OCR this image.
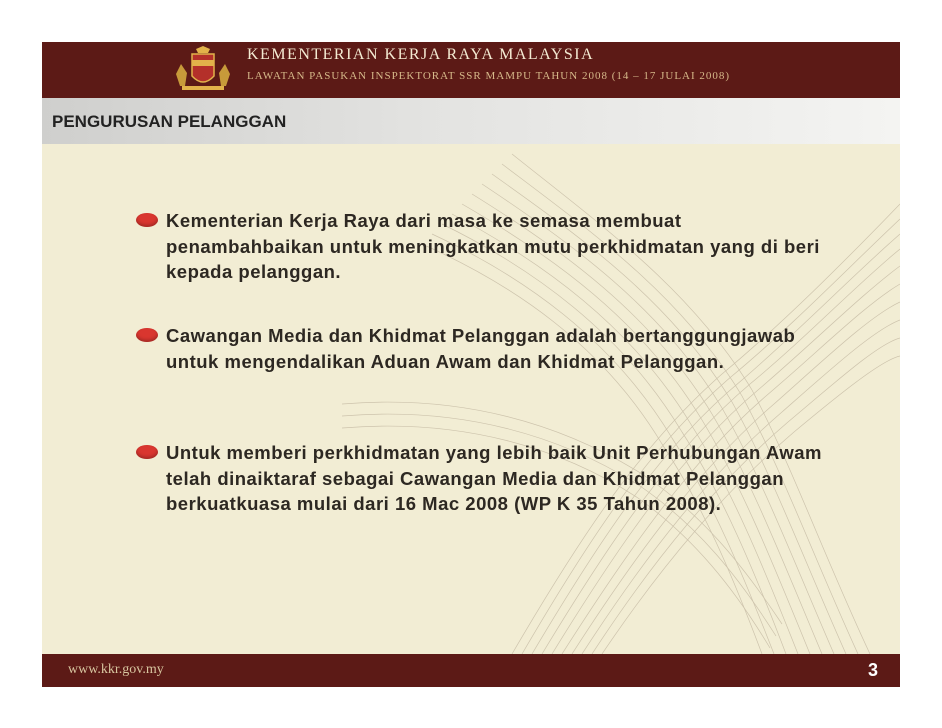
KEMENTERIAN KERJA RAYA MALAYSIA
LAWATAN PASUKAN INSPEKTORAT SSR MAMPU TAHUN 2008 (14 – 17 JULAI 2008)
PENGURUSAN PELANGGAN
Kementerian Kerja Raya dari masa ke semasa membuat penambahbaikan untuk meningkatkan mutu perkhidmatan yang di beri kepada pelanggan.
Cawangan Media dan Khidmat Pelanggan adalah bertanggungjawab untuk mengendalikan Aduan Awam dan Khidmat Pelanggan.
Untuk memberi perkhidmatan yang lebih baik Unit Perhubungan Awam telah dinaiktaraf sebagai Cawangan Media dan Khidmat Pelanggan berkuatkuasa mulai dari 16 Mac 2008 (WP K 35 Tahun 2008).
www.kkr.gov.my	3
